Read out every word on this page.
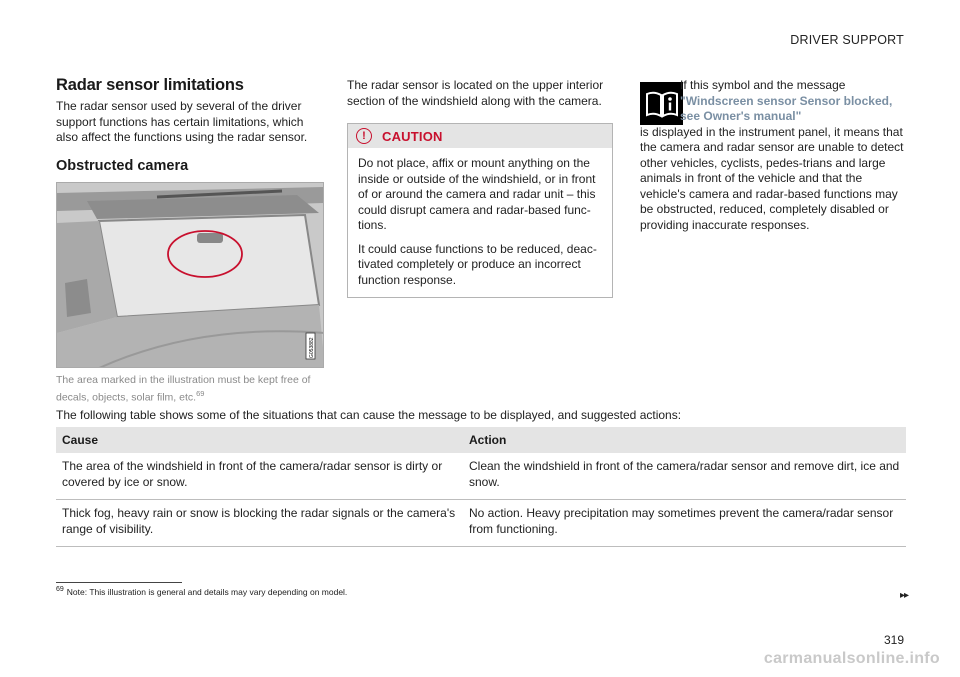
DRIVER SUPPORT
Radar sensor limitations

The radar sensor used by several of the driver support functions has certain limitations, which also affect the functions using the radar sensor.

Obstructed camera
G053882
The area marked in the illustration must be kept free of decals, objects, solar film, etc.$^{69}$

The radar sensor is located on the upper interior section of the windshield along with the camera.

!	CAUTION

Do not place, affix or mount anything on the inside or outside of the windshield, or in front of or around the camera and radar unit – this could disrupt camera and radar-based func-tions.

It could cause functions to be reduced, deac-tivated completely or produce an incorrect function response.

If this symbol and the message

"Windscreen sensor Sensor blocked, see Owner's manual"

is displayed in the instrument panel, it means that the camera and radar sensor are unable to detect other vehicles, cyclists, pedes-trians and large animals in front of the vehicle and that the vehicle's camera and radar-based functions may be obstructed, reduced, completely disabled or providing inaccurate responses.

The following table shows some of the situations that can cause the message to be displayed, and suggested actions:
Cause	Action
The area of the windshield in front of the camera/radar sensor is dirty or covered by ice or snow.	Clean the windshield in front of the camera/radar sensor and remove dirt, ice and snow.
Thick fog, heavy rain or snow is blocking the radar signals or the camera's range of visibility.	No action. Heavy precipitation may sometimes prevent the camera/radar sensor from functioning.
$^{69}$ Note: This illustration is general and details may vary depending on model.	▸▸
319
carmanualsonline.info
